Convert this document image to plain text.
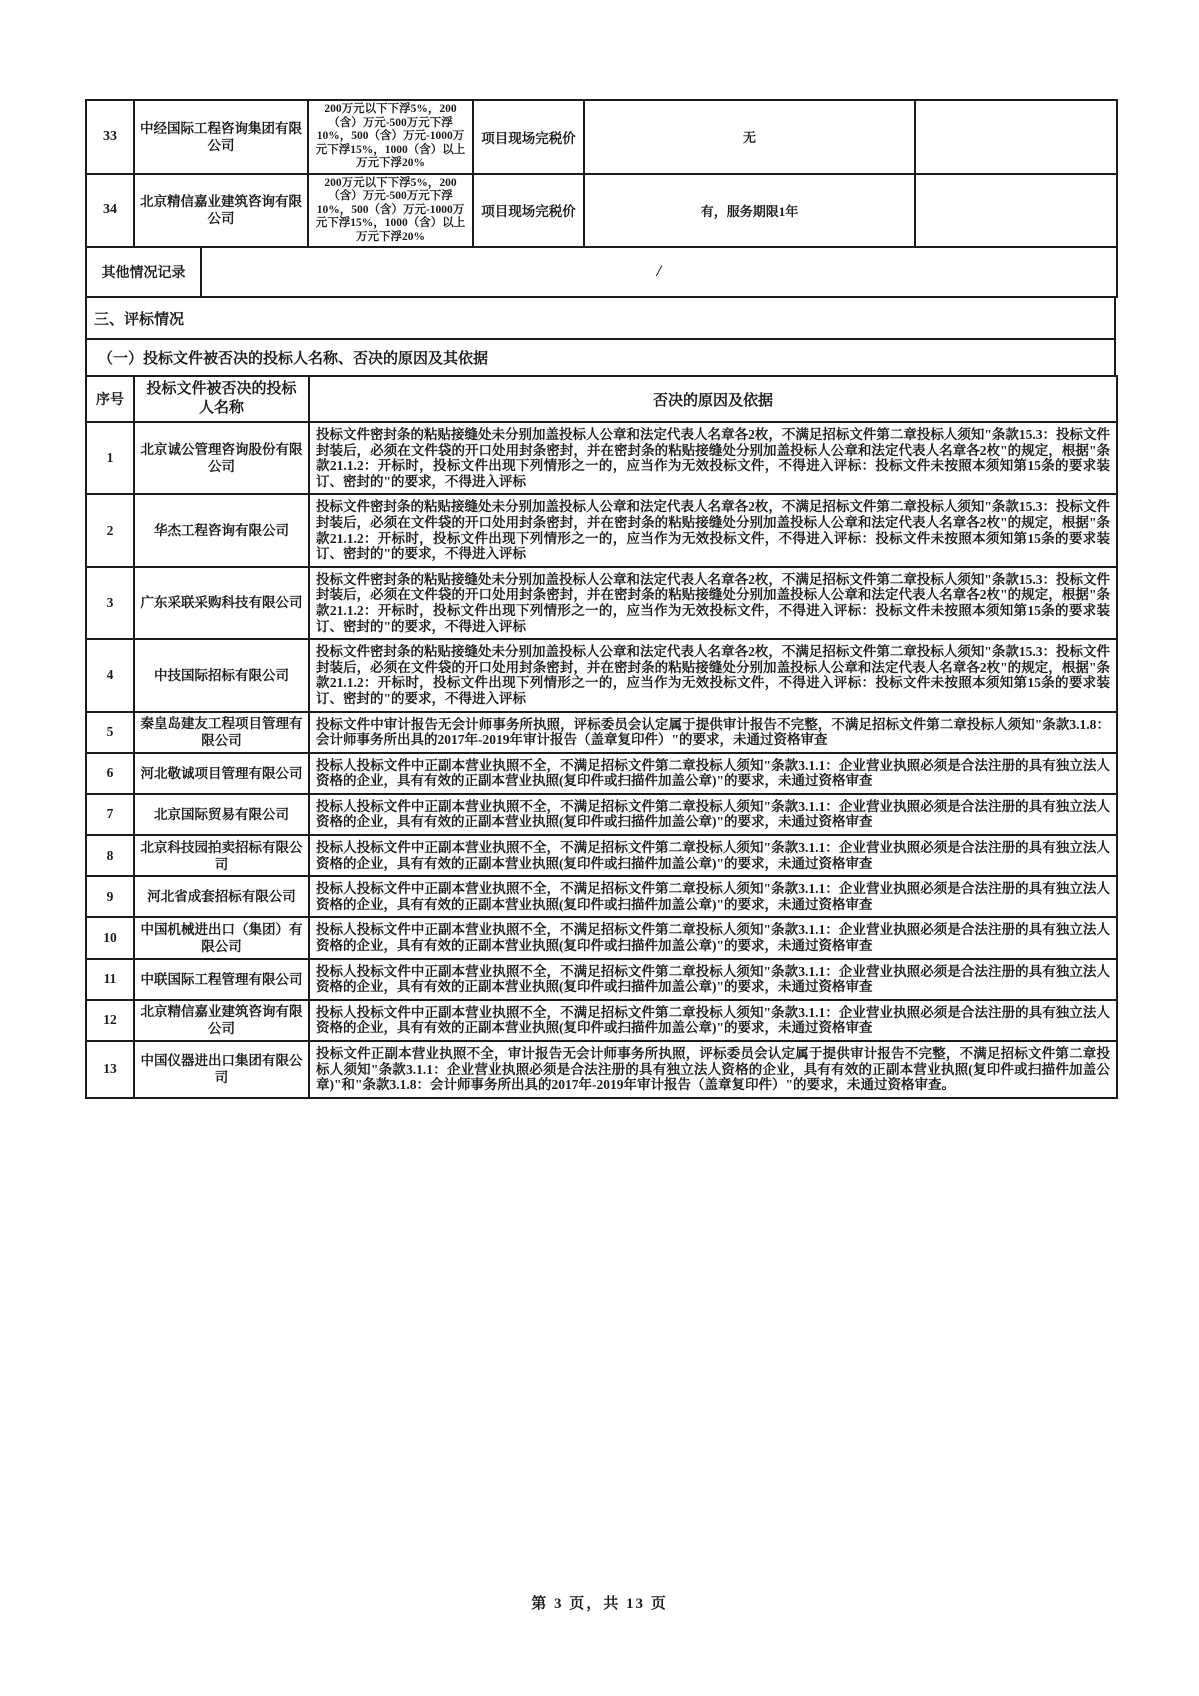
33	中经国际工程咨询集团有限公司	200万元以下下浮5%，200（含）万元-500万元下浮10%，500（含）万元-1000万元下浮15%，1000（含）以上万元下浮20%	项目现场完税价	无	
34	北京精信嘉业建筑咨询有限公司	200万元以下下浮5%，200（含）万元-500万元下浮10%，500（含）万元-1000万元下浮15%，1000（含）以上万元下浮20%	项目现场完税价	有，服务期限1年	
其他情况记录	/
三、评标情况
（一）投标文件被否决的投标人名称、否决的原因及其依据
序号	投标文件被否决的投标人名称	否决的原因及依据
1	北京诚公管理咨询股份有限公司	投标文件密封条的粘贴接缝处未分别加盖投标人公章和法定代表人名章各2枚，不满足招标文件第二章投标人须知"条款15.3：投标文件封装后，必须在文件袋的开口处用封条密封，并在密封条的粘贴接缝处分别加盖投标人公章和法定代表人名章各2枚"的规定，根据"条款21.1.2：开标时，投标文件出现下列情形之一的，应当作为无效投标文件，不得进入评标：投标文件未按照本须知第15条的要求装订、密封的"的要求，不得进入评标
2	华杰工程咨询有限公司	投标文件密封条的粘贴接缝处未分别加盖投标人公章和法定代表人名章各2枚，不满足招标文件第二章投标人须知"条款15.3：投标文件封装后，必须在文件袋的开口处用封条密封，并在密封条的粘贴接缝处分别加盖投标人公章和法定代表人名章各2枚"的规定，根据"条款21.1.2：开标时，投标文件出现下列情形之一的，应当作为无效投标文件，不得进入评标：投标文件未按照本须知第15条的要求装订、密封的"的要求，不得进入评标
3	广东采联采购科技有限公司	投标文件密封条的粘贴接缝处未分别加盖投标人公章和法定代表人名章各2枚，不满足招标文件第二章投标人须知"条款15.3：投标文件封装后，必须在文件袋的开口处用封条密封，并在密封条的粘贴接缝处分别加盖投标人公章和法定代表人名章各2枚"的规定，根据"条款21.1.2：开标时，投标文件出现下列情形之一的，应当作为无效投标文件，不得进入评标：投标文件未按照本须知第15条的要求装订、密封的"的要求，不得进入评标
4	中技国际招标有限公司	投标文件密封条的粘贴接缝处未分别加盖投标人公章和法定代表人名章各2枚，不满足招标文件第二章投标人须知"条款15.3：投标文件封装后，必须在文件袋的开口处用封条密封，并在密封条的粘贴接缝处分别加盖投标人公章和法定代表人名章各2枚"的规定，根据"条款21.1.2：开标时，投标文件出现下列情形之一的，应当作为无效投标文件，不得进入评标：投标文件未按照本须知第15条的要求装订、密封的"的要求，不得进入评标
5	秦皇岛建友工程项目管理有限公司	投标文件中审计报告无会计师事务所执照，评标委员会认定属于提供审计报告不完整，不满足招标文件第二章投标人须知"条款3.1.8：会计师事务所出具的2017年-2019年审计报告（盖章复印件）"的要求，未通过资格审查
6	河北敬诚项目管理有限公司	投标人投标文件中正副本营业执照不全，不满足招标文件第二章投标人须知"条款3.1.1：企业营业执照必须是合法注册的具有独立法人资格的企业，具有有效的正副本营业执照(复印件或扫描件加盖公章)"的要求，未通过资格审查
7	北京国际贸易有限公司	投标人投标文件中正副本营业执照不全，不满足招标文件第二章投标人须知"条款3.1.1：企业营业执照必须是合法注册的具有独立法人资格的企业，具有有效的正副本营业执照(复印件或扫描件加盖公章)"的要求，未通过资格审查
8	北京科技园拍卖招标有限公司	投标人投标文件中正副本营业执照不全，不满足招标文件第二章投标人须知"条款3.1.1：企业营业执照必须是合法注册的具有独立法人资格的企业，具有有效的正副本营业执照(复印件或扫描件加盖公章)"的要求，未通过资格审查
9	河北省成套招标有限公司	投标人投标文件中正副本营业执照不全，不满足招标文件第二章投标人须知"条款3.1.1：企业营业执照必须是合法注册的具有独立法人资格的企业，具有有效的正副本营业执照(复印件或扫描件加盖公章)"的要求，未通过资格审查
10	中国机械进出口（集团）有限公司	投标人投标文件中正副本营业执照不全，不满足招标文件第二章投标人须知"条款3.1.1：企业营业执照必须是合法注册的具有独立法人资格的企业，具有有效的正副本营业执照(复印件或扫描件加盖公章)"的要求，未通过资格审查
11	中联国际工程管理有限公司	投标人投标文件中正副本营业执照不全，不满足招标文件第二章投标人须知"条款3.1.1：企业营业执照必须是合法注册的具有独立法人资格的企业，具有有效的正副本营业执照(复印件或扫描件加盖公章)"的要求，未通过资格审查
12	北京精信嘉业建筑咨询有限公司	投标人投标文件中正副本营业执照不全，不满足招标文件第二章投标人须知"条款3.1.1：企业营业执照必须是合法注册的具有独立法人资格的企业，具有有效的正副本营业执照(复印件或扫描件加盖公章)"的要求，未通过资格审查
13	中国仪器进出口集团有限公司	投标文件正副本营业执照不全，审计报告无会计师事务所执照，评标委员会认定属于提供审计报告不完整，不满足招标文件第二章投标人须知"条款3.1.1：企业营业执照必须是合法注册的具有独立法人资格的企业，具有有效的正副本营业执照(复印件或扫描件加盖公章)"和"条款3.1.8：会计师事务所出具的2017年-2019年审计报告（盖章复印件）"的要求，未通过资格审查。
第 3 页，共 13 页
